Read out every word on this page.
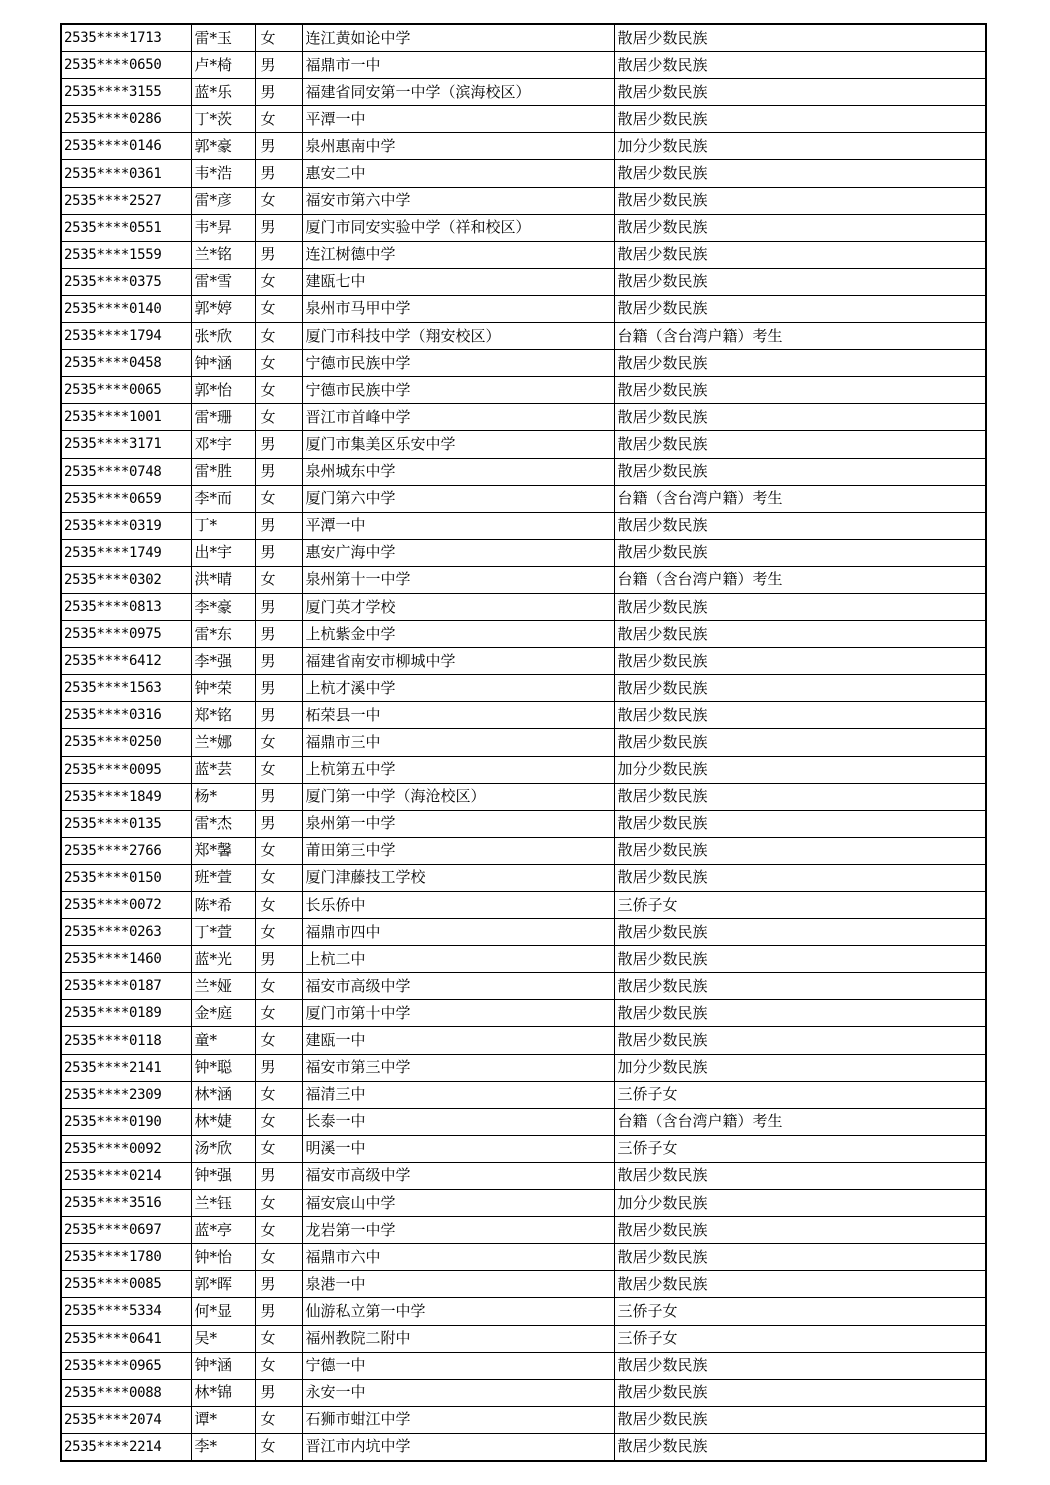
2535****1713	雷*玉	女	连江黄如论中学	散居少数民族
2535****0650	卢*椅	男	福鼎市一中	散居少数民族
2535****3155	蓝*乐	男	福建省同安第一中学（滨海校区）	散居少数民族
2535****0286	丁*茨	女	平潭一中	散居少数民族
2535****0146	郭*豪	男	泉州惠南中学	加分少数民族
2535****0361	韦*浩	男	惠安二中	散居少数民族
2535****2527	雷*彦	女	福安市第六中学	散居少数民族
2535****0551	韦*昇	男	厦门市同安实验中学（祥和校区）	散居少数民族
2535****1559	兰*铭	男	连江树德中学	散居少数民族
2535****0375	雷*雪	女	建瓯七中	散居少数民族
2535****0140	郭*婷	女	泉州市马甲中学	散居少数民族
2535****1794	张*欣	女	厦门市科技中学（翔安校区）	台籍（含台湾户籍）考生
2535****0458	钟*涵	女	宁德市民族中学	散居少数民族
2535****0065	郭*怡	女	宁德市民族中学	散居少数民族
2535****1001	雷*珊	女	晋江市首峰中学	散居少数民族
2535****3171	邓*宇	男	厦门市集美区乐安中学	散居少数民族
2535****0748	雷*胜	男	泉州城东中学	散居少数民族
2535****0659	李*而	女	厦门第六中学	台籍（含台湾户籍）考生
2535****0319	丁*	男	平潭一中	散居少数民族
2535****1749	出*宇	男	惠安广海中学	散居少数民族
2535****0302	洪*晴	女	泉州第十一中学	台籍（含台湾户籍）考生
2535****0813	李*豪	男	厦门英才学校	散居少数民族
2535****0975	雷*东	男	上杭紫金中学	散居少数民族
2535****6412	李*强	男	福建省南安市柳城中学	散居少数民族
2535****1563	钟*荣	男	上杭才溪中学	散居少数民族
2535****0316	郑*铭	男	柘荣县一中	散居少数民族
2535****0250	兰*娜	女	福鼎市三中	散居少数民族
2535****0095	蓝*芸	女	上杭第五中学	加分少数民族
2535****1849	杨*	男	厦门第一中学（海沧校区）	散居少数民族
2535****0135	雷*杰	男	泉州第一中学	散居少数民族
2535****2766	郑*馨	女	莆田第三中学	散居少数民族
2535****0150	班*萱	女	厦门津藤技工学校	散居少数民族
2535****0072	陈*希	女	长乐侨中	三侨子女
2535****0263	丁*萱	女	福鼎市四中	散居少数民族
2535****1460	蓝*光	男	上杭二中	散居少数民族
2535****0187	兰*娅	女	福安市高级中学	散居少数民族
2535****0189	金*庭	女	厦门市第十中学	散居少数民族
2535****0118	童*	女	建瓯一中	散居少数民族
2535****2141	钟*聪	男	福安市第三中学	加分少数民族
2535****2309	林*涵	女	福清三中	三侨子女
2535****0190	林*婕	女	长泰一中	台籍（含台湾户籍）考生
2535****0092	汤*欣	女	明溪一中	三侨子女
2535****0214	钟*强	男	福安市高级中学	散居少数民族
2535****3516	兰*钰	女	福安宸山中学	加分少数民族
2535****0697	蓝*亭	女	龙岩第一中学	散居少数民族
2535****1780	钟*怡	女	福鼎市六中	散居少数民族
2535****0085	郭*晖	男	泉港一中	散居少数民族
2535****5334	何*显	男	仙游私立第一中学	三侨子女
2535****0641	吴*	女	福州教院二附中	三侨子女
2535****0965	钟*涵	女	宁德一中	散居少数民族
2535****0088	林*锦	男	永安一中	散居少数民族
2535****2074	谭*	女	石狮市蚶江中学	散居少数民族
2535****2214	李*	女	晋江市内坑中学	散居少数民族
